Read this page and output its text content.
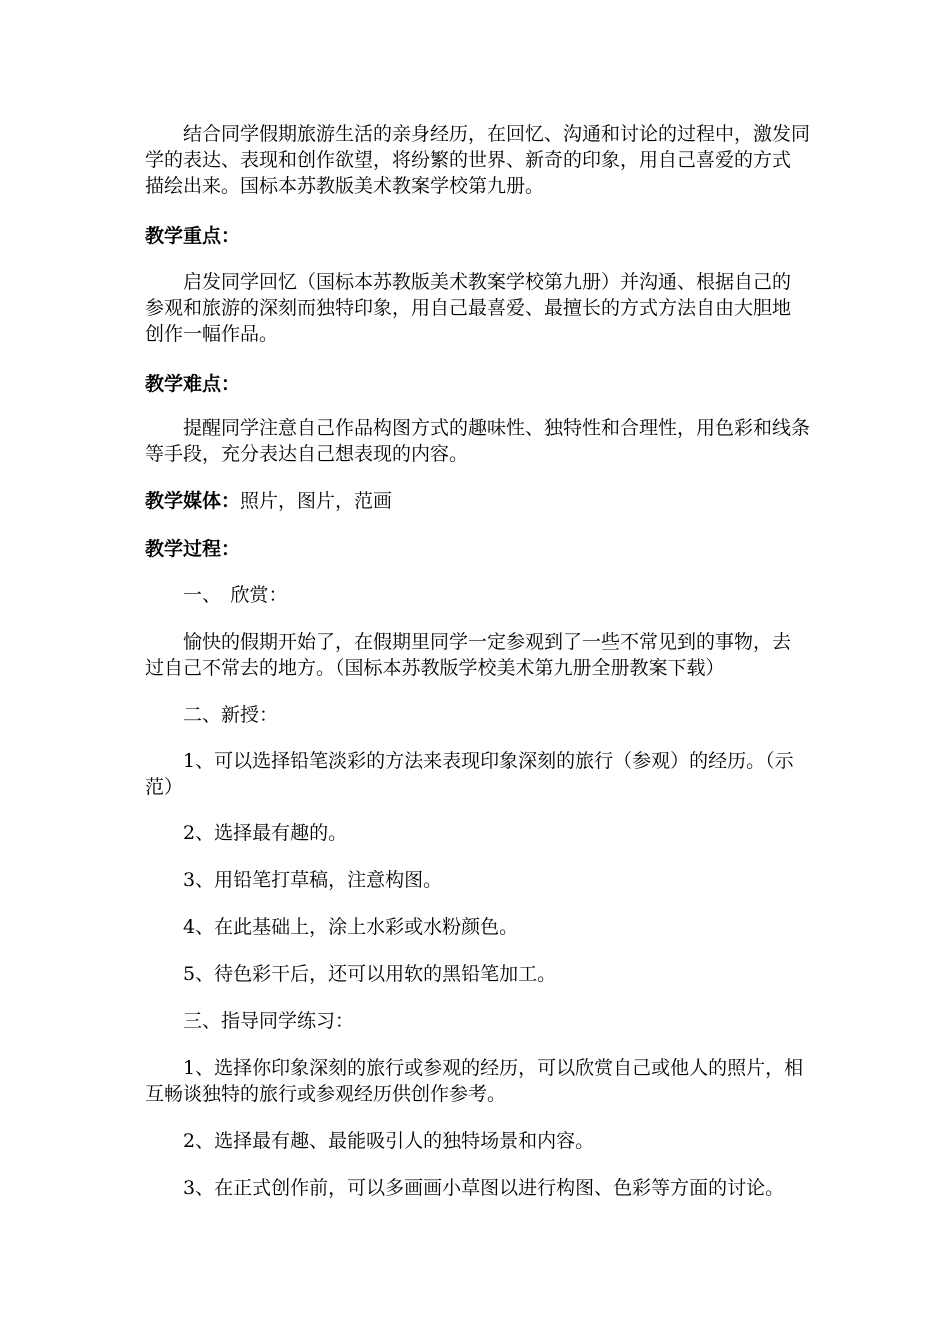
　　结合同学假期旅游生活的亲身经历，在回忆、沟通和讨论的过程中，激发同
学的表达、表现和创作欲望，将纷繁的世界、新奇的印象，用自己喜爱的方式
描绘出来。国标本苏教版美术教案学校第九册。

教学重点：

　　启发同学回忆（国标本苏教版美术教案学校第九册）并沟通、根据自己的
参观和旅游的深刻而独特印象，用自己最喜爱、最擅长的方式方法自由大胆地
创作一幅作品。

教学难点：

　　提醒同学注意自己作品构图方式的趣味性、独特性和合理性，用色彩和线条
等手段，充分表达自己想表现的内容。

教学媒体：照片，图片，范画

教学过程：

　　一、　欣赏：

　　愉快的假期开始了，在假期里同学一定参观到了一些不常见到的事物，去
过自己不常去的地方。（国标本苏教版学校美术第九册全册教案下载）

　　二、新授：

　　1、可以选择铅笔淡彩的方法来表现印象深刻的旅行（参观）的经历。（示
范）

　　2、选择最有趣的。

　　3、用铅笔打草稿，注意构图。

　　4、在此基础上，涂上水彩或水粉颜色。

　　5、待色彩干后，还可以用软的黑铅笔加工。

　　三、指导同学练习：

　　1、选择你印象深刻的旅行或参观的经历，可以欣赏自己或他人的照片，相
互畅谈独特的旅行或参观经历供创作参考。

　　2、选择最有趣、最能吸引人的独特场景和内容。

　　3、在正式创作前，可以多画画小草图以进行构图、色彩等方面的讨论。
